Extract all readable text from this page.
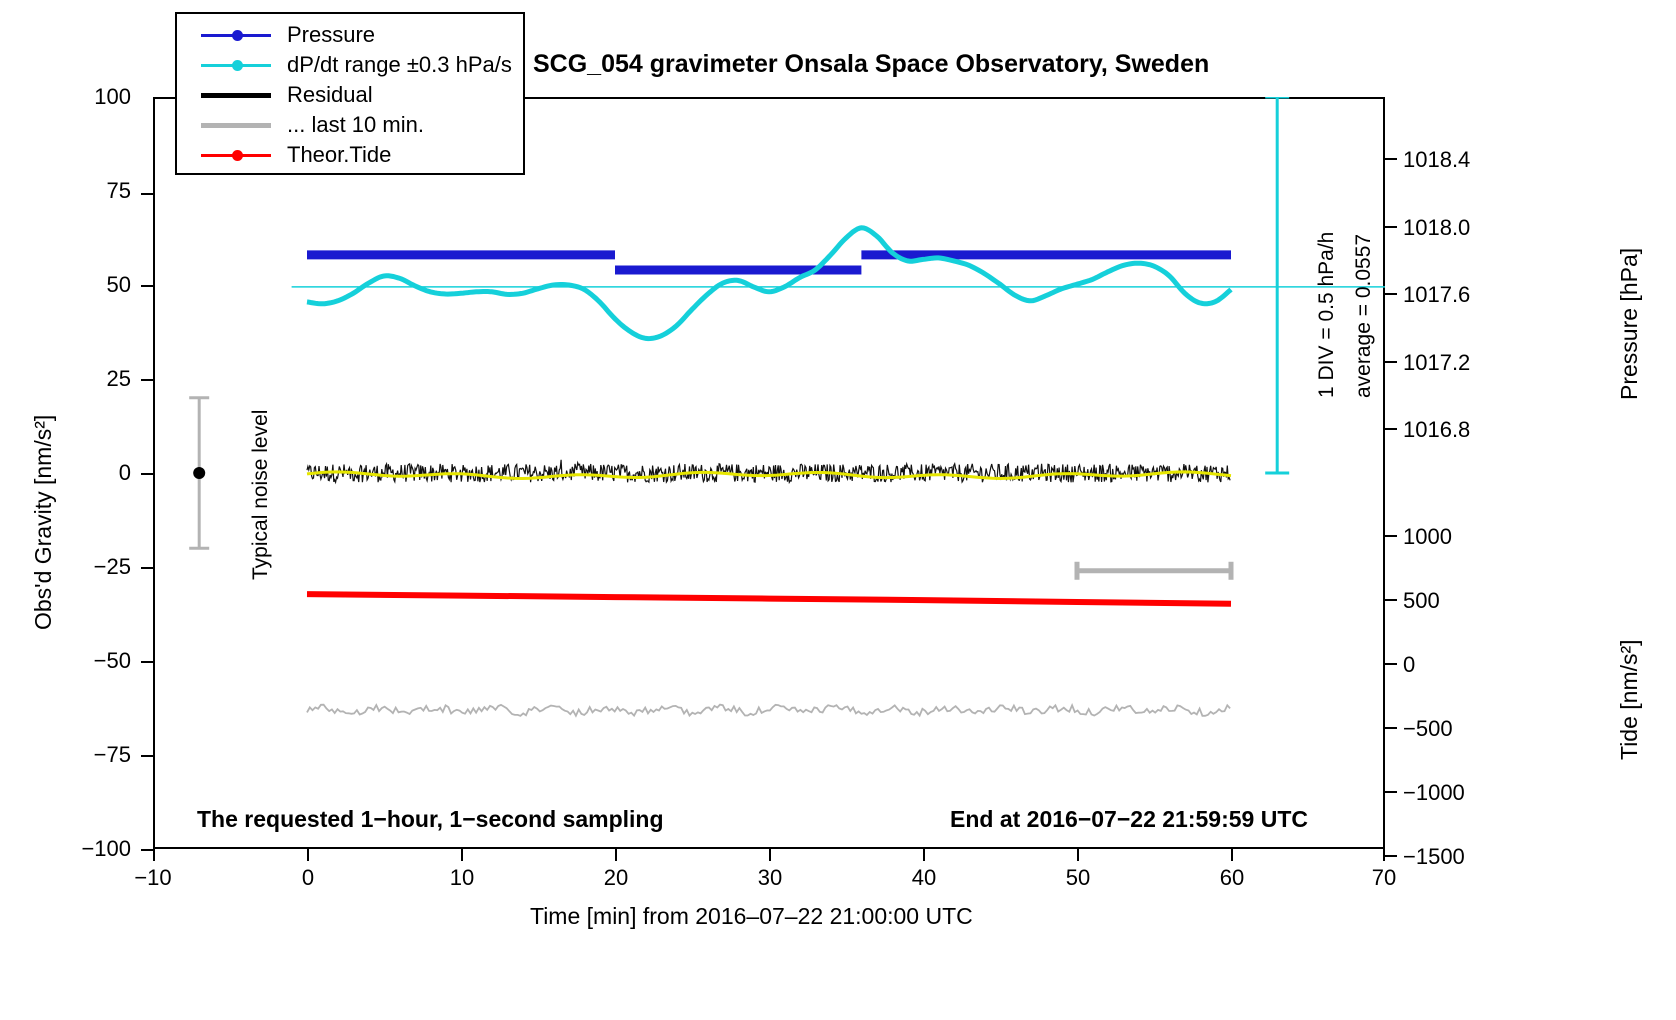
SCG_054 gravimeter Onsala Space Observatory, Sweden
100
75
50
25
0
−25
−50
−75
−100
Obs'd Gravity [nm/s²]
−10	0	10	20	30	40	50	60	70
Time [min] from 2016–07–22 21:00:00 UTC
1018.4
1018.0
1017.6
1017.2
1016.8
Pressure [hPa]
1000
500
0
−500
−1000
−1500
Tide [nm/s²]
Typical noise level
1 DIV = 0.5 hPa/h average = 0.0557
The requested 1−hour, 1−second sampling	End at 2016−07−22 21:59:59 UTC
Pressure
dP/dt range ±0.3 hPa/s
Residual
... last 10 min.
Theor.Tide
